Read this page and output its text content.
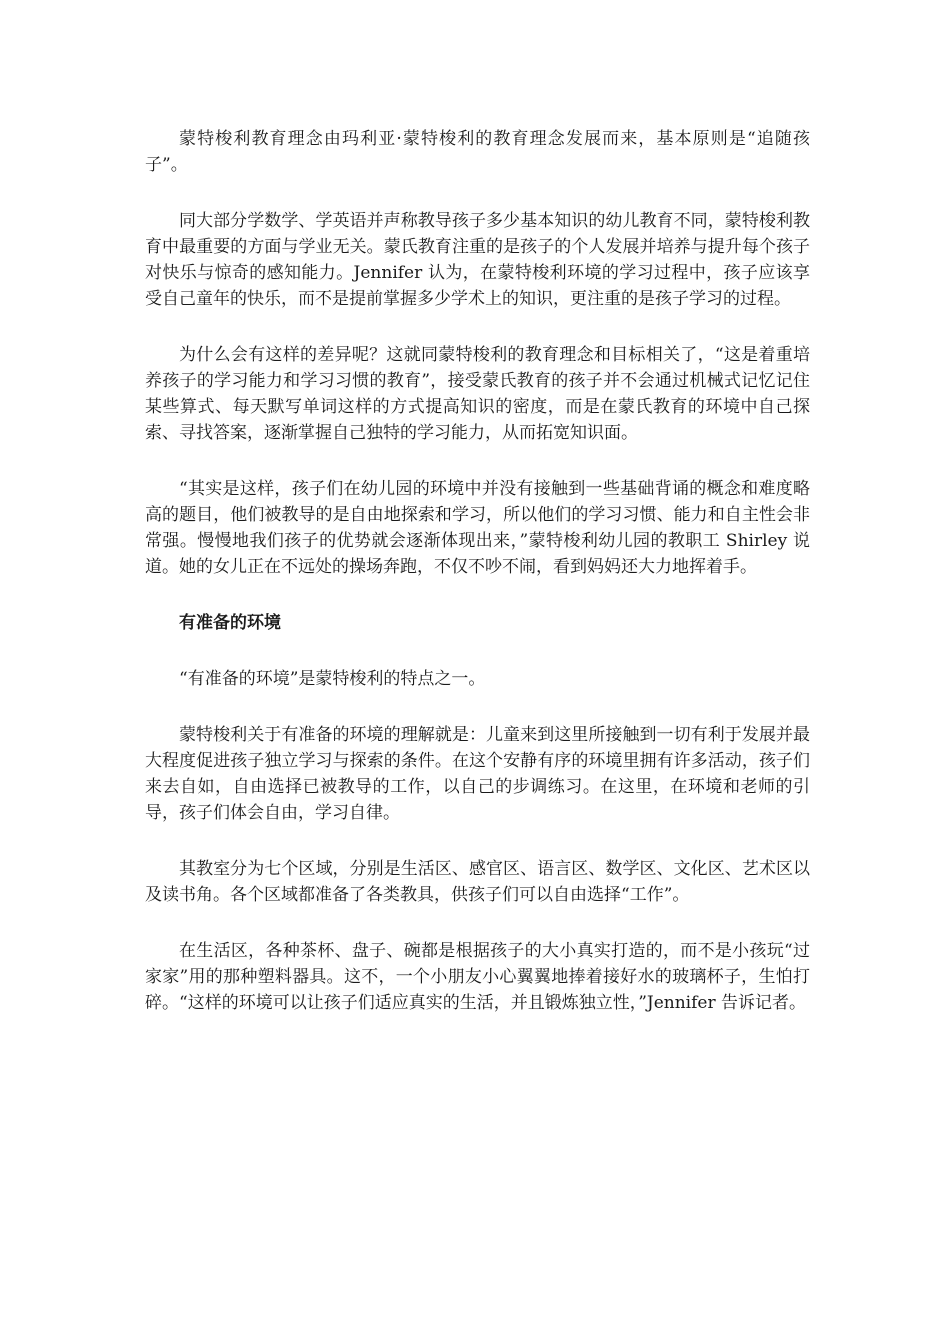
蒙特梭利教育理念由玛利亚·蒙特梭利的教育理念发展而来，基本原则是“追随孩子”。

同大部分学数学、学英语并声称教导孩子多少基本知识的幼儿教育不同，蒙特梭利教育中最重要的方面与学业无关。蒙氏教育注重的是孩子的个人发展并培养与提升每个孩子对快乐与惊奇的感知能力。Jennifer 认为，在蒙特梭利环境的学习过程中，孩子应该享受自己童年的快乐，而不是提前掌握多少学术上的知识，更注重的是孩子学习的过程。

为什么会有这样的差异呢？这就同蒙特梭利的教育理念和目标相关了，“这是着重培养孩子的学习能力和学习习惯的教育”，接受蒙氏教育的孩子并不会通过机械式记忆记住某些算式、每天默写单词这样的方式提高知识的密度，而是在蒙氏教育的环境中自己探索、寻找答案，逐渐掌握自己独特的学习能力，从而拓宽知识面。

“其实是这样，孩子们在幼儿园的环境中并没有接触到一些基础背诵的概念和难度略高的题目，他们被教导的是自由地探索和学习，所以他们的学习习惯、能力和自主性会非常强。慢慢地我们孩子的优势就会逐渐体现出来，”蒙特梭利幼儿园的教职工 Shirley 说道。她的女儿正在不远处的操场奔跑，不仅不吵不闹，看到妈妈还大力地挥着手。

有准备的环境

“有准备的环境”是蒙特梭利的特点之一。

蒙特梭利关于有准备的环境的理解就是：儿童来到这里所接触到一切有利于发展并最大程度促进孩子独立学习与探索的条件。在这个安静有序的环境里拥有许多活动，孩子们来去自如，自由选择已被教导的工作，以自己的步调练习。在这里，在环境和老师的引导，孩子们体会自由，学习自律。

其教室分为七个区域，分别是生活区、感官区、语言区、数学区、文化区、艺术区以及读书角。各个区域都准备了各类教具，供孩子们可以自由选择“工作”。

在生活区，各种茶杯、盘子、碗都是根据孩子的大小真实打造的，而不是小孩玩“过家家”用的那种塑料器具。这不，一个小朋友小心翼翼地捧着接好水的玻璃杯子，生怕打碎。“这样的环境可以让孩子们适应真实的生活，并且锻炼独立性，”Jennifer 告诉记者。
